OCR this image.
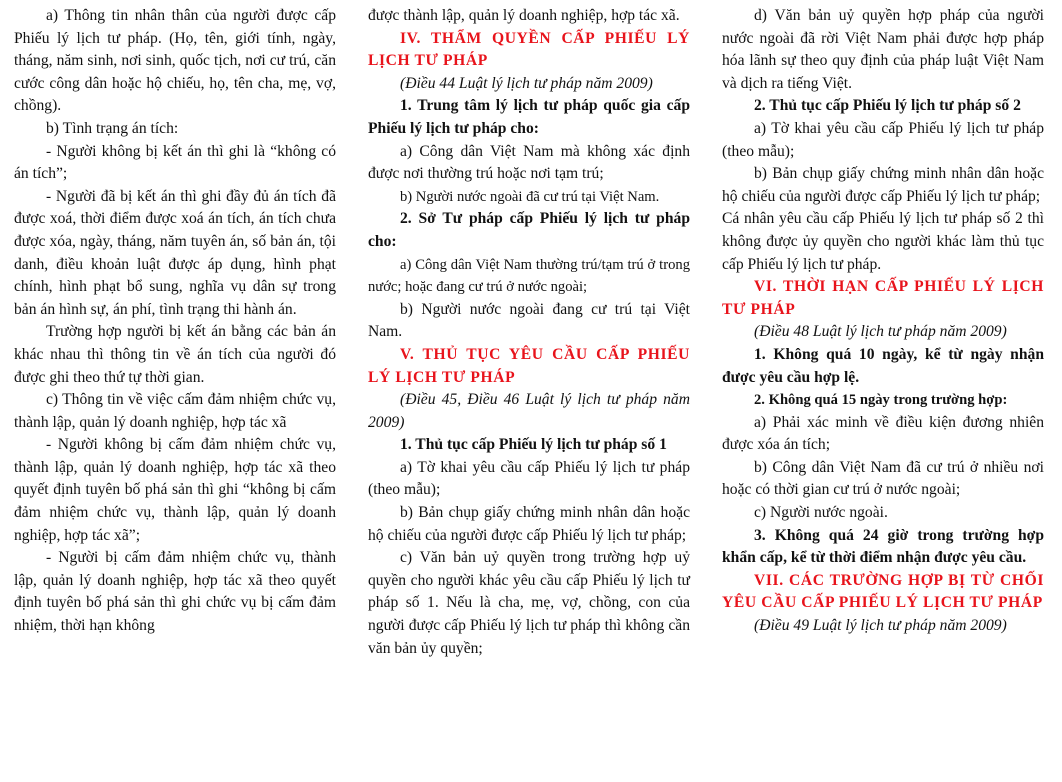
a) Thông tin nhân thân của người được cấp Phiếu lý lịch tư pháp. (Họ, tên, giới tính, ngày, tháng, năm sinh, nơi sinh, quốc tịch, nơi cư trú, căn cước công dân hoặc hộ chiếu, họ, tên cha, mẹ, vợ, chồng).

b) Tình trạng án tích:

- Người không bị kết án thì ghi là “không có án tích”;

- Người đã bị kết án thì ghi đầy đủ án tích đã được xoá, thời điểm được xoá án tích, án tích chưa được xóa, ngày, tháng, năm tuyên án, số bản án, tội danh, điều khoản luật được áp dụng, hình phạt chính, hình phạt bổ sung, nghĩa vụ dân sự trong bản án hình sự, án phí, tình trạng thi hành án.

Trường hợp người bị kết án bằng các bản án khác nhau thì thông tin về án tích của người đó được ghi theo thứ tự thời gian.

c) Thông tin về việc cấm đảm nhiệm chức vụ, thành lập, quản lý doanh nghiệp, hợp tác xã

- Người không bị cấm đảm nhiệm chức vụ, thành lập, quản lý doanh nghiệp, hợp tác xã theo quyết định tuyên bố phá sản thì ghi “không bị cấm đảm nhiệm chức vụ, thành lập, quản lý doanh nghiệp, hợp tác xã”;

- Người bị cấm đảm nhiệm chức vụ, thành lập, quản lý doanh nghiệp, hợp tác xã theo quyết định tuyên bố phá sản thì ghi chức vụ bị cấm đảm nhiệm, thời hạn không

được thành lập, quản lý doanh nghiệp, hợp tác xã.

IV. THẨM QUYỀN CẤP PHIẾU LÝ LỊCH TƯ PHÁP

(Điều 44 Luật lý lịch tư pháp năm 2009)

1. Trung tâm lý lịch tư pháp quốc gia cấp Phiếu lý lịch tư pháp cho:

a) Công dân Việt Nam mà không xác định được nơi thường trú hoặc nơi tạm trú;

b) Người nước ngoài đã cư trú tại Việt Nam.

2. Sở Tư pháp cấp Phiếu lý lịch tư pháp cho:

a) Công dân Việt Nam thường trú/tạm trú ở trong nước; hoặc đang cư trú ở nước ngoài;

b) Người nước ngoài đang cư trú tại Việt Nam.

V. THỦ TỤC YÊU CẦU CẤP PHIẾU LÝ LỊCH TƯ PHÁP

(Điều 45, Điều 46 Luật lý lịch tư pháp năm 2009)

1. Thủ tục cấp Phiếu lý lịch tư pháp số 1

a) Tờ khai yêu cầu cấp Phiếu lý lịch tư pháp (theo mẫu);

b) Bản chụp giấy chứng minh nhân dân hoặc hộ chiếu của người được cấp Phiếu lý lịch tư pháp;

c) Văn bản uỷ quyền trong trường hợp uỷ quyền cho người khác yêu cầu cấp Phiếu lý lịch tư pháp số 1. Nếu là cha, mẹ, vợ, chồng, con của người được cấp Phiếu lý lịch tư pháp thì không cần văn bản ủy quyền;

d) Văn bản uỷ quyền hợp pháp của người nước ngoài đã rời Việt Nam phải được hợp pháp hóa lãnh sự theo quy định của pháp luật Việt Nam và dịch ra tiếng Việt.

2. Thủ tục cấp Phiếu lý lịch tư pháp số 2

a) Tờ khai yêu cầu cấp Phiếu lý lịch tư pháp (theo mẫu);

b) Bản chụp giấy chứng minh nhân dân hoặc hộ chiếu của người được cấp Phiếu lý lịch tư pháp;

Cá nhân yêu cầu cấp Phiếu lý lịch tư pháp số 2 thì không được ủy quyền cho người khác làm thủ tục cấp Phiếu lý lịch tư pháp.

VI. THỜI HẠN CẤP PHIẾU LÝ LỊCH TƯ PHÁP

(Điều 48 Luật lý lịch tư pháp năm 2009)

1. Không quá 10 ngày, kể từ ngày nhận được yêu cầu hợp lệ.

2. Không quá 15 ngày trong trường hợp:

a) Phải xác minh về điều kiện đương nhiên được xóa án tích;

b) Công dân Việt Nam đã cư trú ở nhiều nơi hoặc có thời gian cư trú ở nước ngoài;

c) Người nước ngoài.

3. Không quá 24 giờ trong trường hợp khẩn cấp, kể từ thời điểm nhận được yêu cầu.

VII. CÁC TRƯỜNG HỢP BỊ TỪ CHỐI YÊU CẦU CẤP PHIẾU LÝ LỊCH TƯ PHÁP

(Điều 49 Luật lý lịch tư pháp năm 2009)
